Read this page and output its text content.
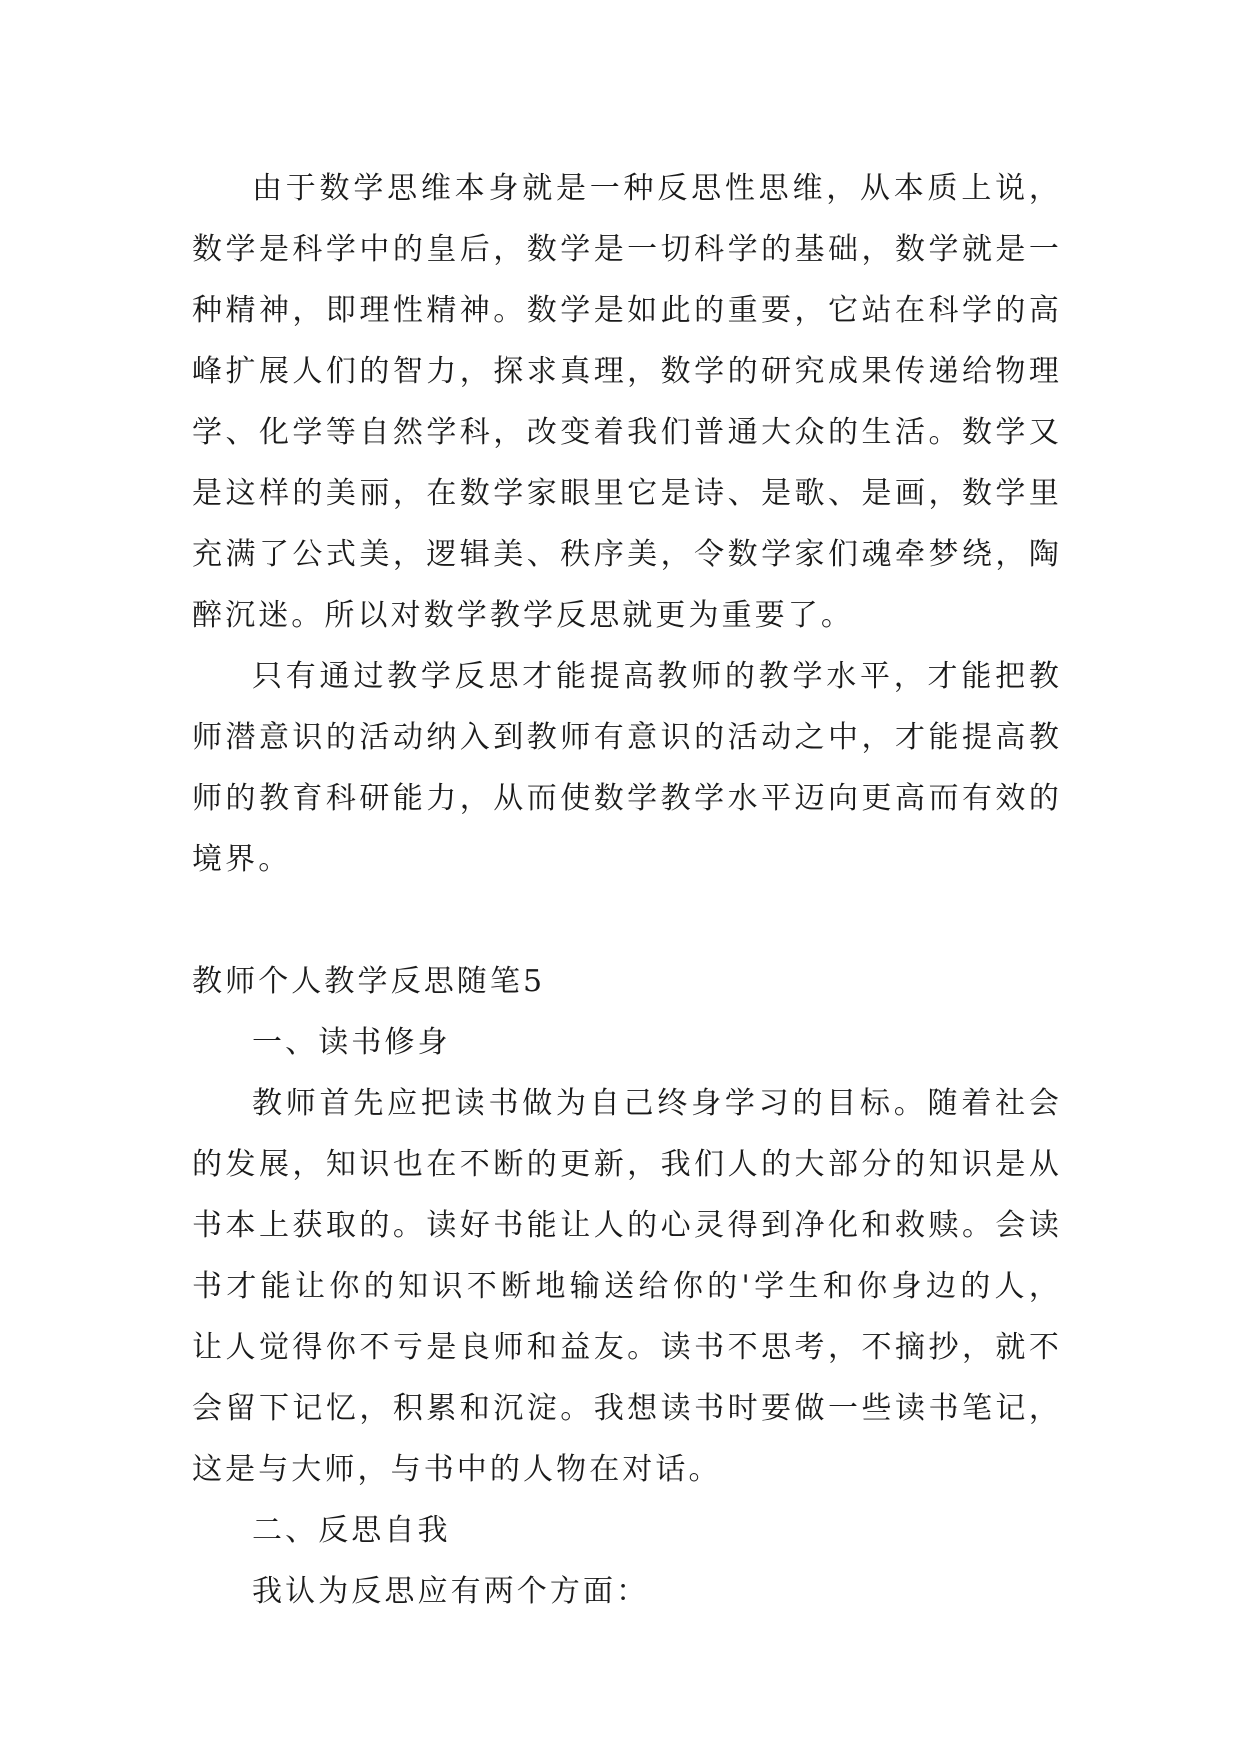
由于数学思维本身就是一种反思性思维，从本质上说，数学是科学中的皇后，数学是一切科学的基础，数学就是一种精神，即理性精神。数学是如此的重要，它站在科学的高峰扩展人们的智力，探求真理，数学的研究成果传递给物理学、化学等自然学科，改变着我们普通大众的生活。数学又是这样的美丽，在数学家眼里它是诗、是歌、是画，数学里充满了公式美，逻辑美、秩序美，令数学家们魂牵梦绕，陶醉沉迷。所以对数学教学反思就更为重要了。

只有通过教学反思才能提高教师的教学水平，才能把教师潜意识的活动纳入到教师有意识的活动之中，才能提高教师的教育科研能力，从而使数学教学水平迈向更高而有效的境界。

教师个人教学反思随笔5

一、读书修身

教师首先应把读书做为自己终身学习的目标。随着社会的发展，知识也在不断的更新，我们人的大部分的知识是从书本上获取的。读好书能让人的心灵得到净化和救赎。会读书才能让你的知识不断地输送给你的'学生和你身边的人，让人觉得你不亏是良师和益友。读书不思考，不摘抄，就不会留下记忆，积累和沉淀。我想读书时要做一些读书笔记，这是与大师，与书中的人物在对话。

二、反思自我

我认为反思应有两个方面：
